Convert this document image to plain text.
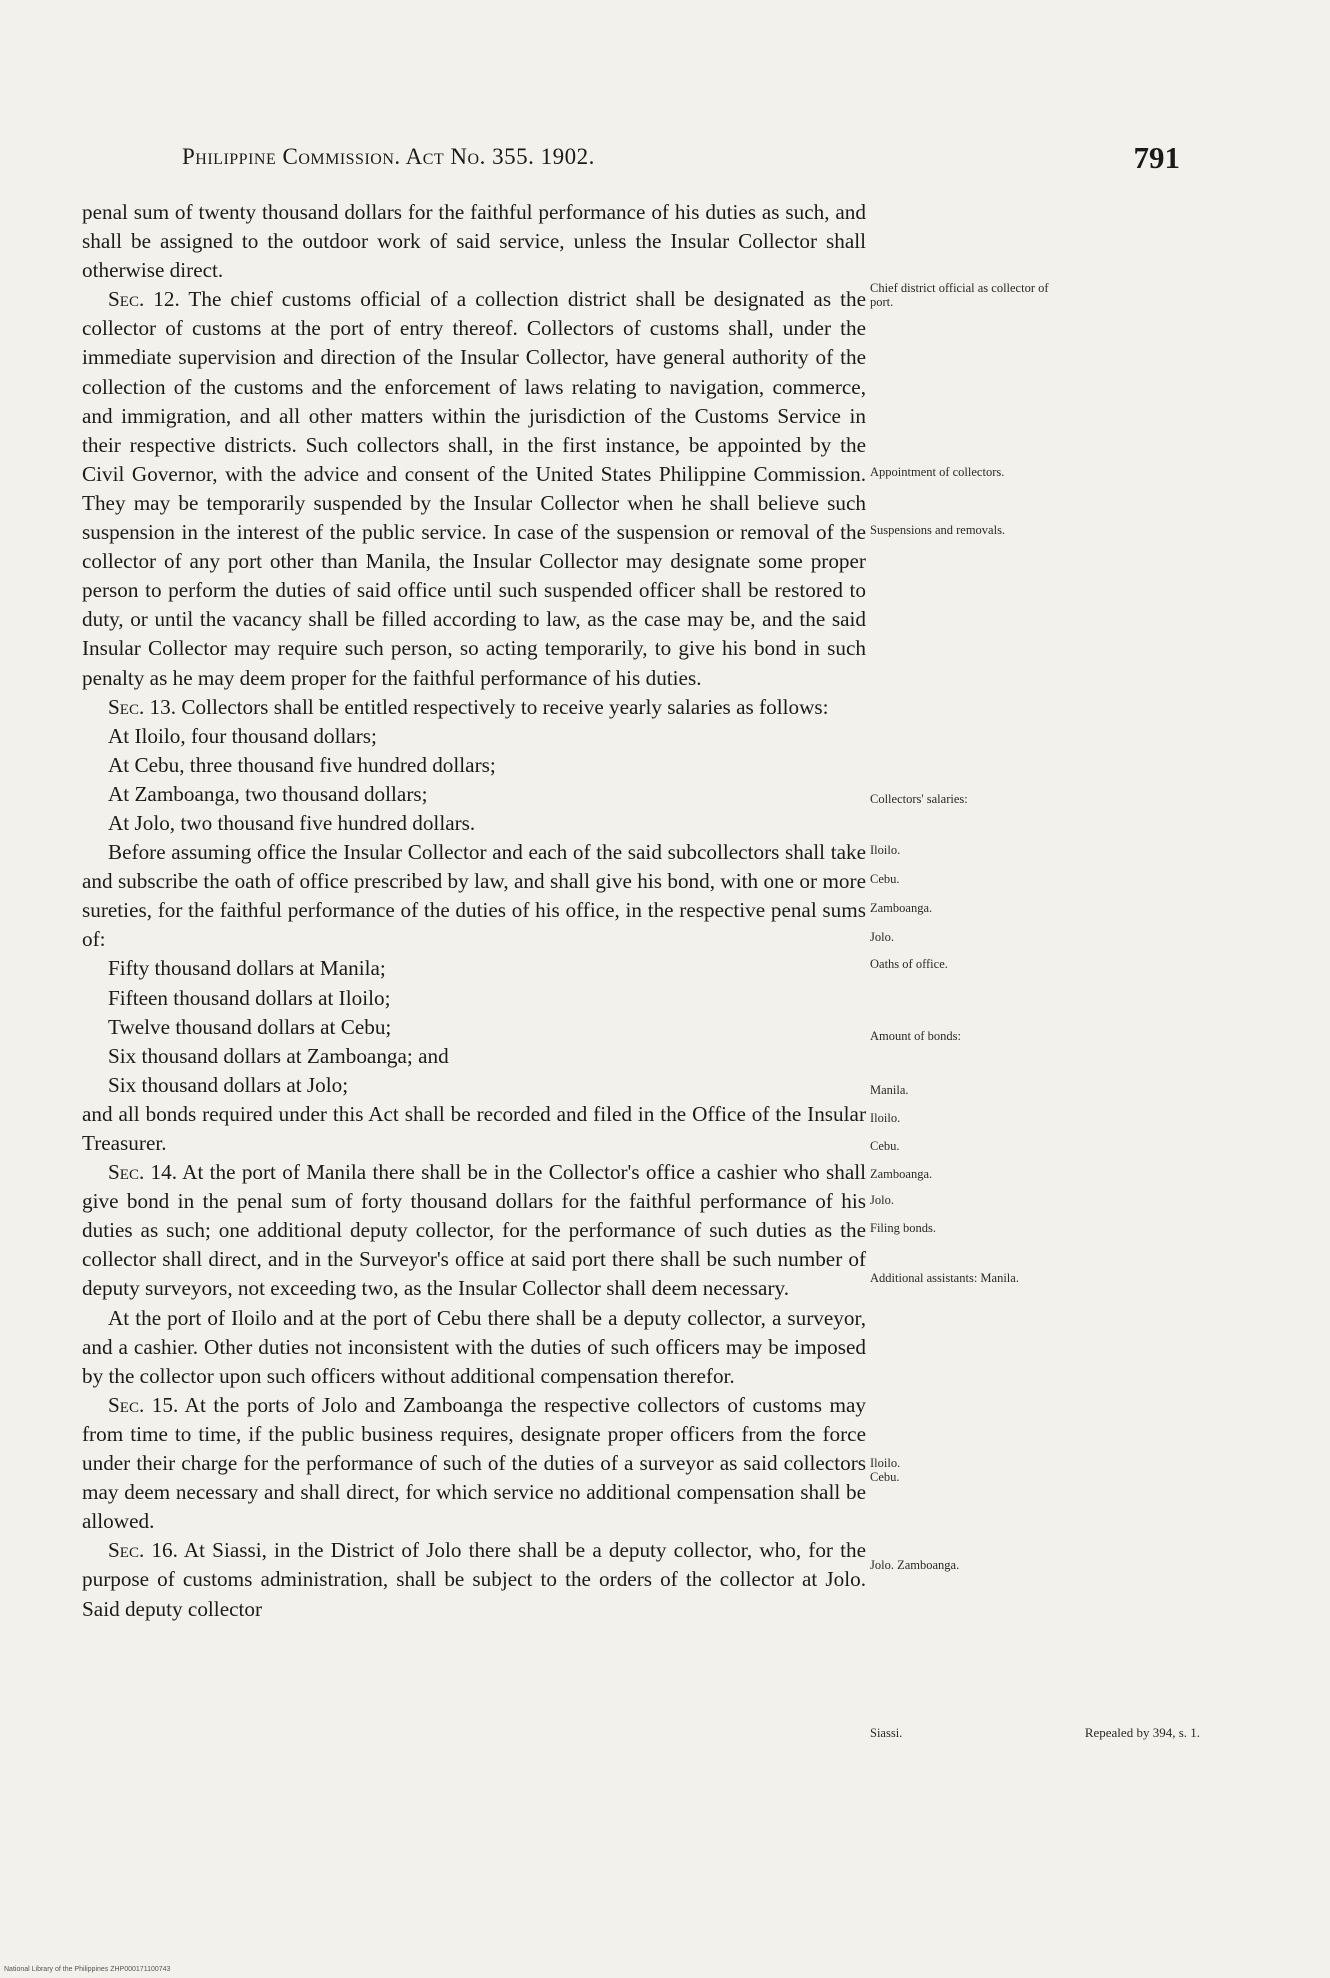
Philippine Commission. Act No. 355. 1902.	791

penal sum of twenty thousand dollars for the faithful performance of his duties as such, and shall be assigned to the outdoor work of said service, unless the Insular Collector shall otherwise direct.

Sec. 12. The chief customs official of a collection district shall be designated as the collector of customs at the port of entry thereof. Collectors of customs shall, under the immediate supervision and direction of the Insular Collector, have general authority of the collection of the customs and the enforcement of laws relating to navigation, commerce, and immigration, and all other matters within the jurisdiction of the Customs Service in their respective districts. Such collectors shall, in the first instance, be appointed by the Civil Governor, with the advice and consent of the United States Philippine Commission. They may be temporarily suspended by the Insular Collector when he shall believe such suspension in the interest of the public service. In case of the suspension or removal of the collector of any port other than Manila, the Insular Collector may designate some proper person to perform the duties of said office until such suspended officer shall be restored to duty, or until the vacancy shall be filled according to law, as the case may be, and the said Insular Collector may require such person, so acting temporarily, to give his bond in such penalty as he may deem proper for the faithful performance of his duties.

Sec. 13. Collectors shall be entitled respectively to receive yearly salaries as follows:

At Iloilo, four thousand dollars;

At Cebu, three thousand five hundred dollars;

At Zamboanga, two thousand dollars;

At Jolo, two thousand five hundred dollars.

Before assuming office the Insular Collector and each of the said subcollectors shall take and subscribe the oath of office prescribed by law, and shall give his bond, with one or more sureties, for the faithful performance of the duties of his office, in the respective penal sums of:

Fifty thousand dollars at Manila;

Fifteen thousand dollars at Iloilo;

Twelve thousand dollars at Cebu;

Six thousand dollars at Zamboanga; and

Six thousand dollars at Jolo;

and all bonds required under this Act shall be recorded and filed in the Office of the Insular Treasurer.

Sec. 14. At the port of Manila there shall be in the Collector's office a cashier who shall give bond in the penal sum of forty thousand dollars for the faithful performance of his duties as such; one additional deputy collector, for the performance of such duties as the collector shall direct, and in the Surveyor's office at said port there shall be such number of deputy surveyors, not exceeding two, as the Insular Collector shall deem necessary.

At the port of Iloilo and at the port of Cebu there shall be a deputy collector, a surveyor, and a cashier. Other duties not inconsistent with the duties of such officers may be imposed by the collector upon such officers without additional compensation therefor.

Sec. 15. At the ports of Jolo and Zamboanga the respective collectors of customs may from time to time, if the public business requires, designate proper officers from the force under their charge for the performance of such of the duties of a surveyor as said collectors may deem necessary and shall direct, for which service no additional compensation shall be allowed.

Sec. 16. At Siassi, in the District of Jolo there shall be a deputy collector, who, for the purpose of customs administration, shall be subject to the orders of the collector at Jolo. Said deputy collector

Chief district official as collector of port.
Appointment of collectors.
Suspensions and removals.
Collectors' salaries:
Iloilo.
Cebu.
Zamboanga.
Jolo.
Oaths of office.
Amount of bonds:
Manila.
Iloilo.
Cebu.
Zamboanga.
Jolo.
Filing bonds.
Additional assistants: Manila.
Iloilo. Cebu.
Jolo. Zamboanga.
Siassi.	Repealed by 394, s. 1.
National Library of the Philippines ZHP000171100743
